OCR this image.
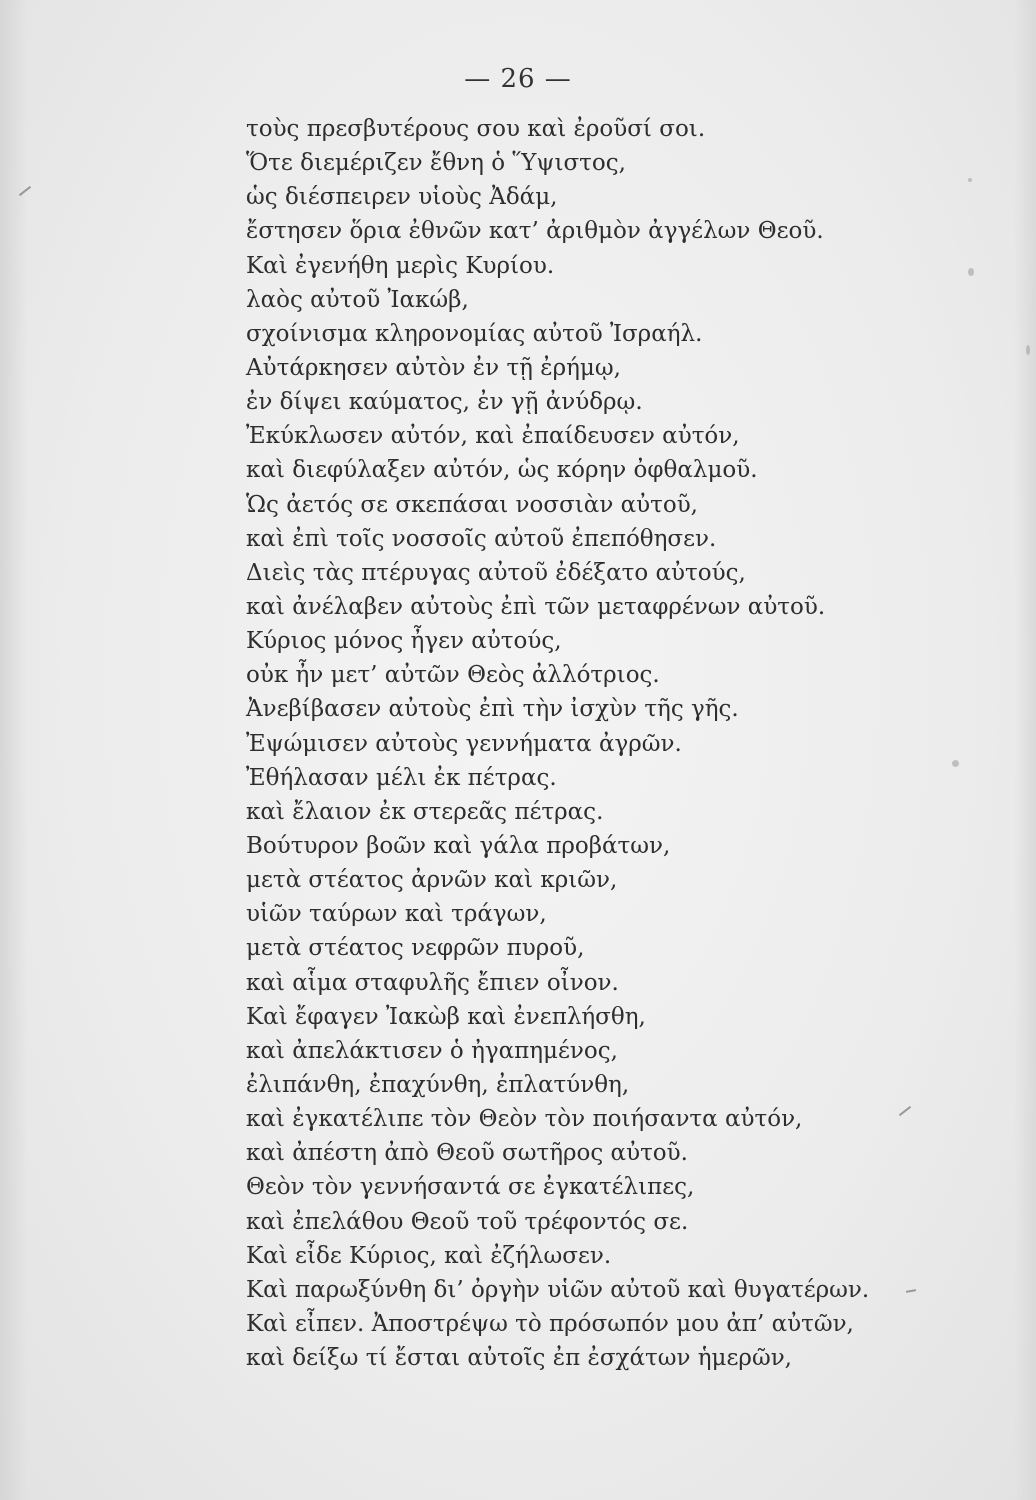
— 26 —
τοὺς πρεσβυτέρους σου καὶ ἐροῦσί σοι.
Ὅτε διεμέριζεν ἔθνη ὁ Ὕψιστος,
ὡς διέσπειρεν υἱοὺς Ἀδάμ,
ἔστησεν ὅρια ἐθνῶν κατ’ ἀριθμὸν ἀγγέλων Θεοῦ.
Καὶ ἐγενήθη μερὶς Κυρίου.
λαὸς αὐτοῦ Ἰακώβ,
σχοίνισμα κληρονομίας αὐτοῦ Ἰσραήλ.
Αὐτάρκησεν αὐτὸν ἐν τῇ ἐρήμῳ,
ἐν δίψει καύματος, ἐν γῇ ἀνύδρῳ.
Ἐκύκλωσεν αὐτόν, καὶ ἐπαίδευσεν αὐτόν,
καὶ διεφύλαξεν αὐτόν, ὡς κόρην ὀφθαλμοῦ.
Ὡς ἀετός σε σκεπάσαι νοσσιὰν αὐτοῦ,
καὶ ἐπὶ τοῖς νοσσοῖς αὐτοῦ ἐπεπόθησεν.
Διεὶς τὰς πτέρυγας αὐτοῦ ἐδέξατο αὐτούς,
καὶ ἀνέλαβεν αὐτοὺς ἐπὶ τῶν μεταφρένων αὐτοῦ.
Κύριος μόνος ἦγεν αὐτούς,
οὐκ ἦν μετ’ αὐτῶν Θεὸς ἀλλότριος.
Ἀνεβίβασεν αὐτοὺς ἐπὶ τὴν ἰσχὺν τῆς γῆς.
Ἐψώμισεν αὐτοὺς γεννήματα ἀγρῶν.
Ἐθήλασαν μέλι ἐκ πέτρας.
καὶ ἔλαιον ἐκ στερεᾶς πέτρας.
Βούτυρον βοῶν καὶ γάλα προβάτων,
μετὰ στέατος ἀρνῶν καὶ κριῶν,
υἱῶν ταύρων καὶ τράγων,
μετὰ στέατος νεφρῶν πυροῦ,
καὶ αἷμα σταφυλῆς ἔπιεν οἶνον.
Καὶ ἔφαγεν Ἰακὼβ καὶ ἐνεπλήσθη,
καὶ ἀπελάκτισεν ὁ ἠγαπημένος,
ἐλιπάνθη, ἐπαχύνθη, ἐπλατύνθη,
καὶ ἐγκατέλιπε τὸν Θεὸν τὸν ποιήσαντα αὐτόν,
καὶ ἀπέστη ἀπὸ Θεοῦ σωτῆρος αὐτοῦ.
Θεὸν τὸν γεννήσαντά σε ἐγκατέλιπες,
καὶ ἐπελάθου Θεοῦ τοῦ τρέφοντός σε.
Καὶ εἶδε Κύριος, καὶ ἐζήλωσεν.
Καὶ παρωξύνθη δι’ ὀργὴν υἱῶν αὐτοῦ καὶ θυγατέρων.
Καὶ εἶπεν. Ἀποστρέψω τὸ πρόσωπόν μου ἀπ’ αὐτῶν,
καὶ δείξω τί ἔσται αὐτοῖς ἐπ ἐσχάτων ἡμερῶν,
